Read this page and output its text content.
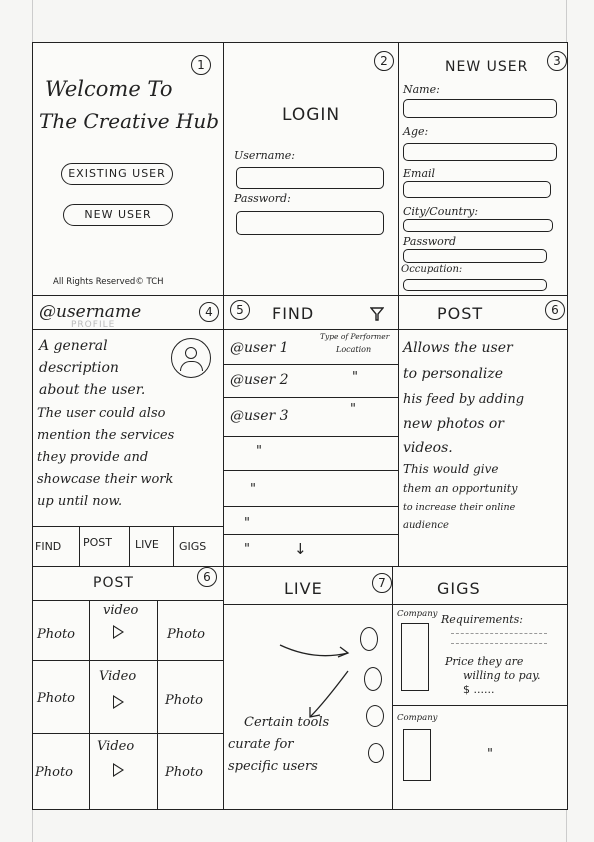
1
Welcome To
The Creative Hub
EXISTING USER
NEW USER
All Rights Reserved© TCH
2
LOGIN
Username:
Password:
NEW USER	3
Name:
Age:
Email
City/Country:
Password
Occupation:
@username
PROFILE
4
A general
description
about the user.
The user could also
mention the services
they provide and
showcase their work
up until now.
FIND POST LIVE GIGS
5	FIND
Type of Performer
Location
@user 1
@user 2	"
@user 3	"
"
"
"
"	↓
POST	6
Allows the user
to personalize
his feed by adding
new photos or
videos.
This would give
them an opportunity
to increase their online
audience
POST	6
Photo
video
Photo
Photo
Video
Photo
Photo
Video
Photo
LIVE	7
Certain tools
curate for
specific users
GIGS
Company Requirements:
Price they are
willing to pay.
$ ......
Company
"
